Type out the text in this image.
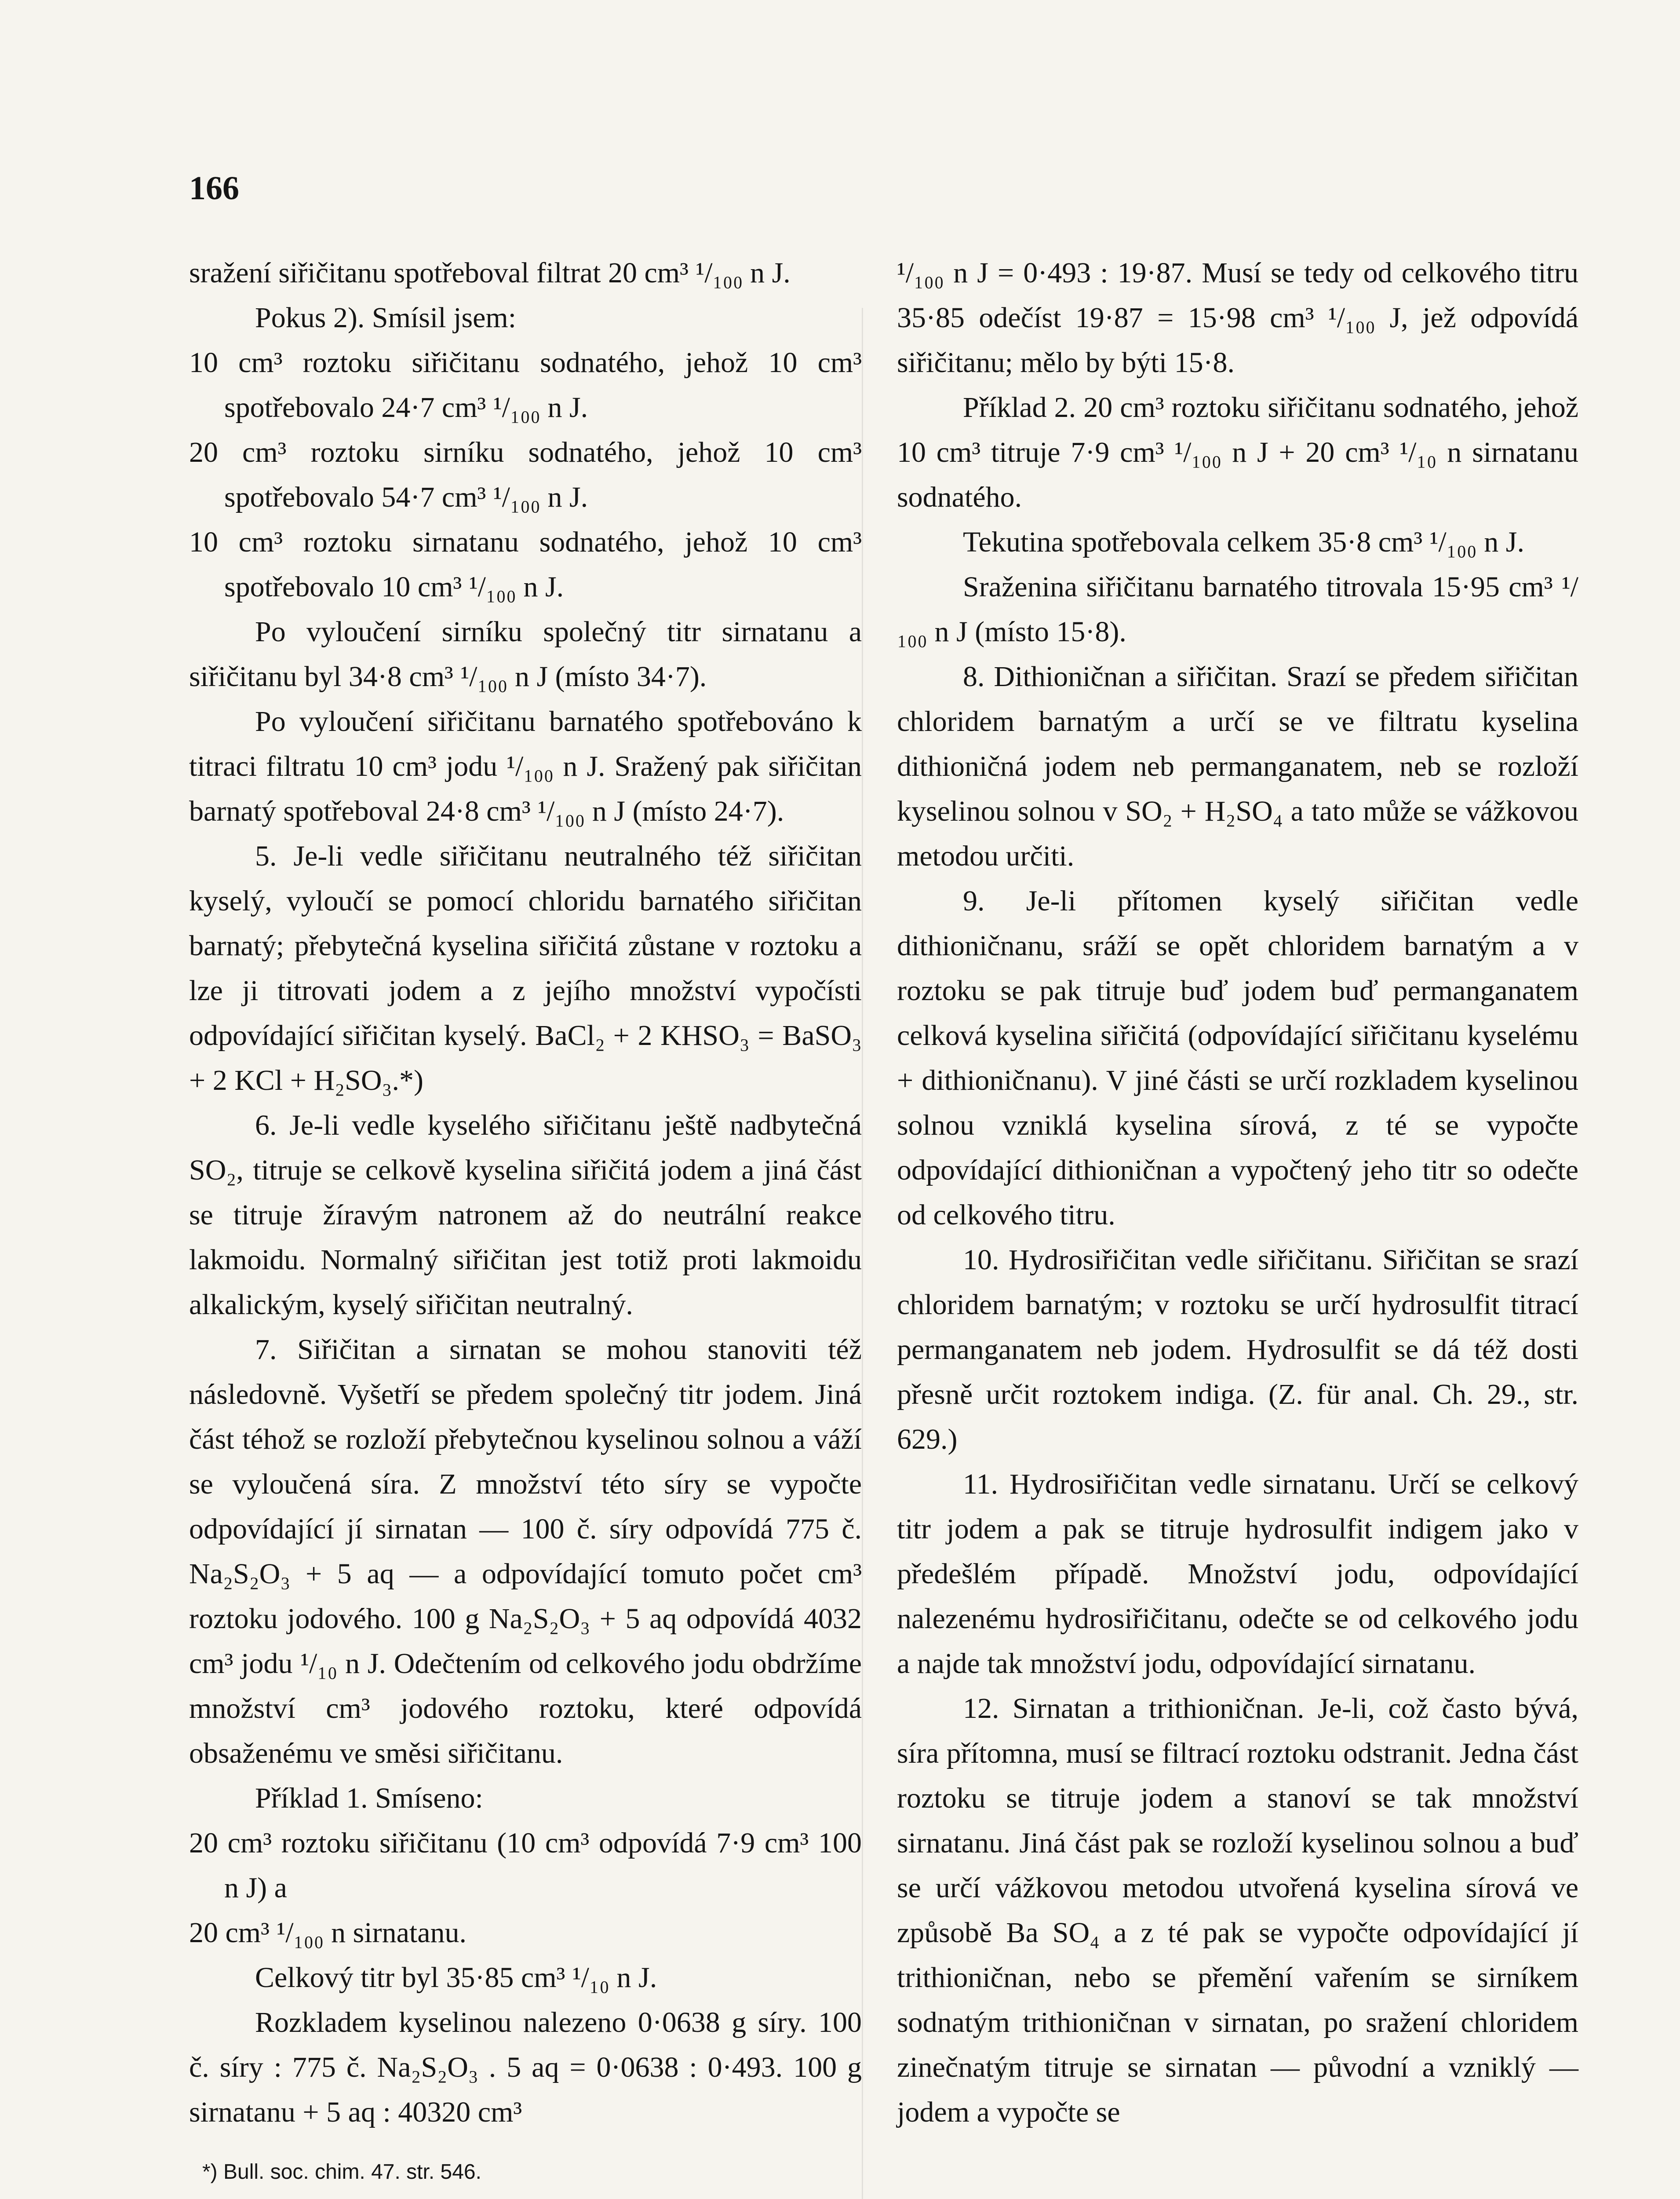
166

sražení siřičitanu spotřeboval filtrat 20 cm³ ¹/₁₀₀ n J.

Pokus 2). Smísil jsem:

10 cm³ roztoku siřičitanu sodnatého, jehož 10 cm³ spotřebovalo 24·7 cm³ ¹/₁₀₀ n J.

20 cm³ roztoku sirníku sodnatého, jehož 10 cm³ spotřebovalo 54·7 cm³ ¹/₁₀₀ n J.

10 cm³ roztoku sirnatanu sodnatého, jehož 10 cm³ spotřebovalo 10 cm³ ¹/₁₀₀ n J.

Po vyloučení sirníku společný titr sirnatanu a siřičitanu byl 34·8 cm³ ¹/₁₀₀ n J (místo 34·7).

Po vyloučení siřičitanu barnatého spotřebováno k titraci filtratu 10 cm³ jodu ¹/₁₀₀ n J. Sražený pak siřičitan barnatý spotřeboval 24·8 cm³ ¹/₁₀₀ n J (místo 24·7).

5. Je-li vedle siřičitanu neutralného též siřičitan kyselý, vyloučí se pomocí chloridu barnatého siřičitan barnatý; přebytečná kyselina siřičitá zůstane v roztoku a lze ji titrovati jodem a z jejího množství vypočísti odpovídající siřičitan kyselý. BaCl₂ + 2 KHSO₃ = BaSO₃ + 2 KCl + H₂SO₃.*)

6. Je-li vedle kyselého siřičitanu ještě nadbytečná SO₂, titruje se celkově kyselina siřičitá jodem a jiná část se titruje žíravým natronem až do neutrální reakce lakmoidu. Normalný siřičitan jest totiž proti lakmoidu alkalickým, kyselý siřičitan neutralný.

7. Siřičitan a sirnatan se mohou stanoviti též následovně. Vyšetří se předem společný titr jodem. Jiná část téhož se rozloží přebytečnou kyselinou solnou a váží se vyloučená síra. Z množství této síry se vypočte odpovídající jí sirnatan — 100 č. síry odpovídá 775 č. Na₂S₂O₃ + 5 aq — a odpovídající tomuto počet cm³ roztoku jodového. 100 g Na₂S₂O₃ + 5 aq odpovídá 4032 cm³ jodu ¹/₁₀ n J. Odečtením od celkového jodu obdržíme množství cm³ jodového roztoku, které odpovídá obsaženému ve směsi siřičitanu.

Příklad 1. Smíseno:

20 cm³ roztoku siřičitanu (10 cm³ odpovídá 7·9 cm³ 100 n J) a

20 cm³ ¹/₁₀₀ n sirnatanu.

Celkový titr byl 35·85 cm³ ¹/₁₀ n J.

Rozkladem kyselinou nalezeno 0·0638 g síry. 100 č. síry : 775 č. Na₂S₂O₃ . 5 aq = 0·0638 : 0·493. 100 g sirnatanu + 5 aq : 40320 cm³

*) Bull. soc. chim. 47. str. 546.

¹/₁₀₀ n J = 0·493 : 19·87. Musí se tedy od celkového titru 35·85 odečíst 19·87 = 15·98 cm³ ¹/₁₀₀ J, jež odpovídá siřičitanu; mělo by býti 15·8.

Příklad 2. 20 cm³ roztoku siřičitanu sodnatého, jehož 10 cm³ titruje 7·9 cm³ ¹/₁₀₀ n J + 20 cm³ ¹/₁₀ n sirnatanu sodnatého.

Tekutina spotřebovala celkem 35·8 cm³ ¹/₁₀₀ n J.

Sraženina siřičitanu barnatého titrovala 15·95 cm³ ¹/₁₀₀ n J (místo 15·8).

8. Dithioničnan a siřičitan. Srazí se předem siřičitan chloridem barnatým a určí se ve filtratu kyselina dithioničná jodem neb permanganatem, neb se rozloží kyselinou solnou v SO₂ + H₂SO₄ a tato může se vážkovou metodou určiti.

9. Je-li přítomen kyselý siřičitan vedle dithioničnanu, sráží se opět chloridem barnatým a v roztoku se pak titruje buď jodem buď permanganatem celková kyselina siřičitá (odpovídající siřičitanu kyselému + dithioničnanu). V jiné části se určí rozkladem kyselinou solnou vzniklá kyselina sírová, z té se vypočte odpovídající dithioničnan a vypočtený jeho titr so odečte od celkového titru.

10. Hydrosiřičitan vedle siřičitanu. Siřičitan se srazí chloridem barnatým; v roztoku se určí hydrosulfit titrací permanganatem neb jodem. Hydrosulfit se dá též dosti přesně určit roztokem indiga. (Z. für anal. Ch. 29., str. 629.)

11. Hydrosiřičitan vedle sirnatanu. Určí se celkový titr jodem a pak se titruje hydrosulfit indigem jako v předešlém případě. Množství jodu, odpovídající nalezenému hydrosiřičitanu, odečte se od celkového jodu a najde tak množství jodu, odpovídající sirnatanu.

12. Sirnatan a trithioničnan. Je-li, což často bývá, síra přítomna, musí se filtrací roztoku odstranit. Jedna část roztoku se titruje jodem a stanoví se tak množství sirnatanu. Jiná část pak se rozloží kyselinou solnou a buď se určí vážkovou metodou utvořená kyselina sírová ve způsobě Ba SO₄ a z té pak se vypočte odpovídající jí trithioničnan, nebo se přemění vařením se sirníkem sodnatým trithioničnan v sirnatan, po sražení chloridem zinečnatým titruje se sirnatan — původní a vzniklý — jodem a vypočte se
